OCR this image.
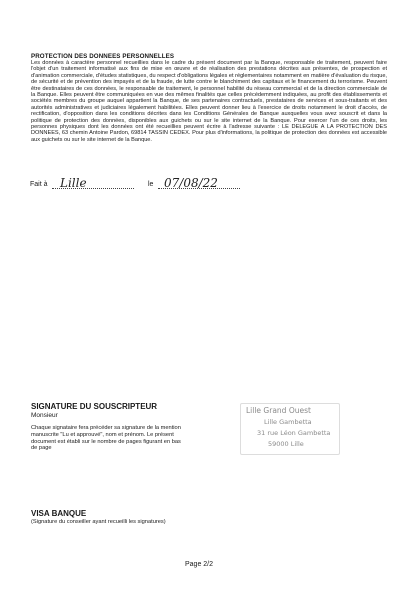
PROTECTION DES DONNEES PERSONNELLES
Les données à caractère personnel recueillies dans le cadre du présent document par la Banque, responsable de traitement, peuvent faire l'objet d'un traitement informatisé aux fins de mise en œuvre et de réalisation des prestations décrites aux présentes, de prospection et d'animation commerciale, d'études statistiques, du respect d'obligations légales et réglementaires notamment en matière d'évaluation du risque, de sécurité et de prévention des impayés et de la fraude, de lutte contre le blanchiment des capitaux et le financement du terrorisme. Peuvent être destinataires de ces données, le responsable de traitement, le personnel habilité du réseau commercial et de la direction commerciale de la Banque. Elles peuvent être communiquées en vue des mêmes finalités que celles précédemment indiquées, au profit des établissements et sociétés membres du groupe auquel appartient la Banque, de ses partenaires contractuels, prestataires de services et sous-traitants et des autorités administratives et judiciaires légalement habilitées. Elles peuvent donner lieu à l'exercice de droits notamment le droit d'accès, de rectification, d'opposition dans les conditions décrites dans les Conditions Générales de Banque auxquelles vous avez souscrit et dans la politique de protection des données, disponibles aux guichets ou sur le site internet de la Banque. Pour exercer l'un de ces droits, les personnes physiques dont les données ont été recueillies peuvent écrire à l'adresse suivante : LE DELEGUE A LA PROTECTION DES DONNEES, 63 chemin Antoine Pardon, 69814 TASSIN CEDEX. Pour plus d'informations, la politique de protection des données est accessible aux guichets ou sur le site internet de la Banque.
Fait à Lille	le 07/08/22
SIGNATURE DU SOUSCRIPTEUR
Monsieur
Chaque signataire fera précéder sa signature de la mention manuscrite "Lu et approuvé", nom et prénom. Le présent document est établi sur le nombre de pages figurant en bas de page
Lille Grand Ouest
Lille Gambetta
31 rue Léon Gambetta
59000 Lille
VISA BANQUE
(Signature du conseiller ayant recueilli les signatures)
Page 2/2
